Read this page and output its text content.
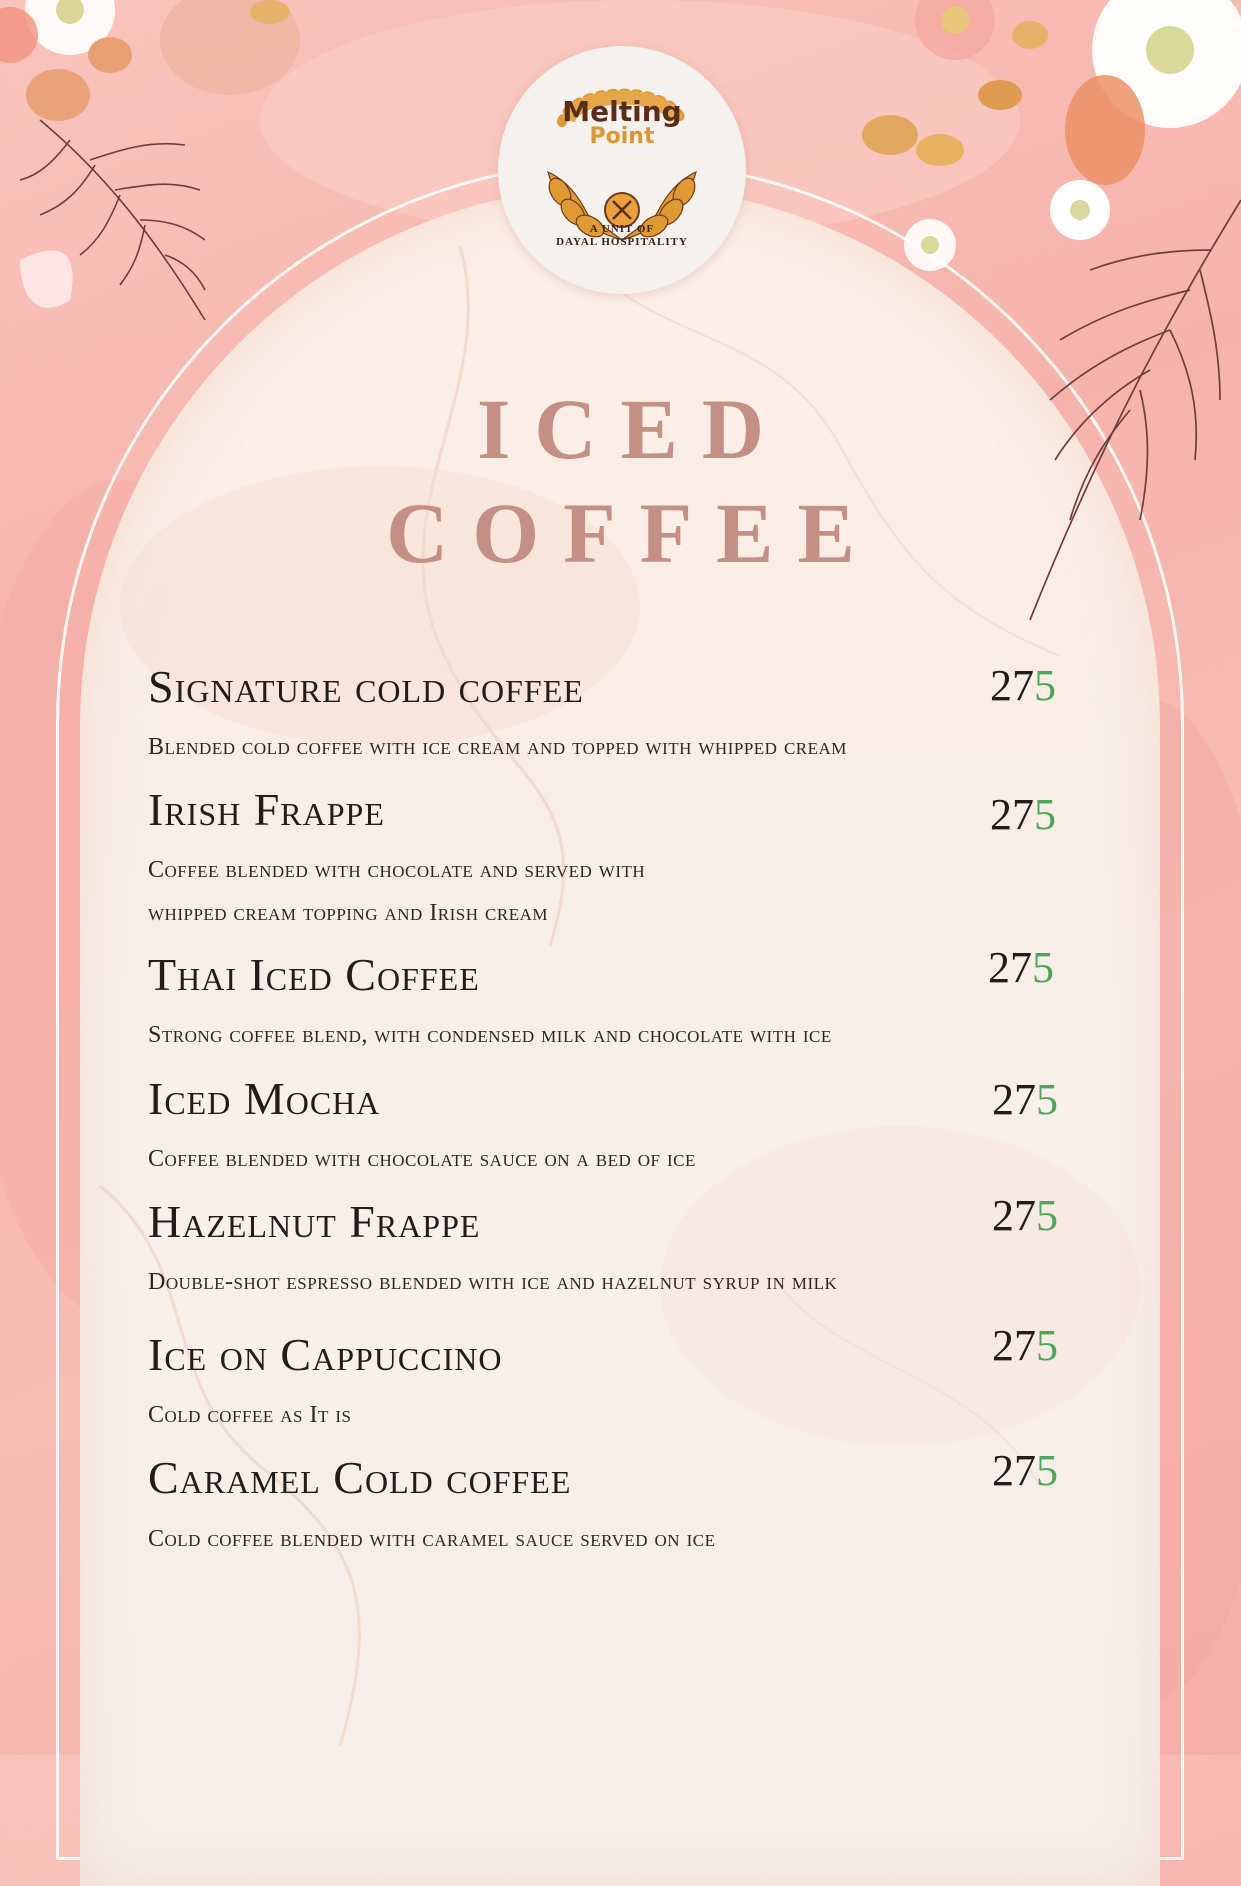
Melting
Point
A UNIT OF
DAYAL HOSPITALITY
ICED
COFFEE
Signature cold coffee	275
Blended cold coffee with ice cream and topped with whipped cream
Irish Frappe	275
Coffee blended with chocolate and served with
whipped cream topping and Irish cream
Thai Iced Coffee	275
Strong coffee blend, with condensed milk and chocolate with ice
Iced Mocha	275
Coffee blended with chocolate sauce on a bed of ice
Hazelnut Frappe	275
Double-shot espresso blended with ice and hazelnut syrup in milk
Ice on Cappuccino	275
Cold coffee as It is
Caramel Cold coffee	275
Cold coffee blended with caramel sauce served on ice
